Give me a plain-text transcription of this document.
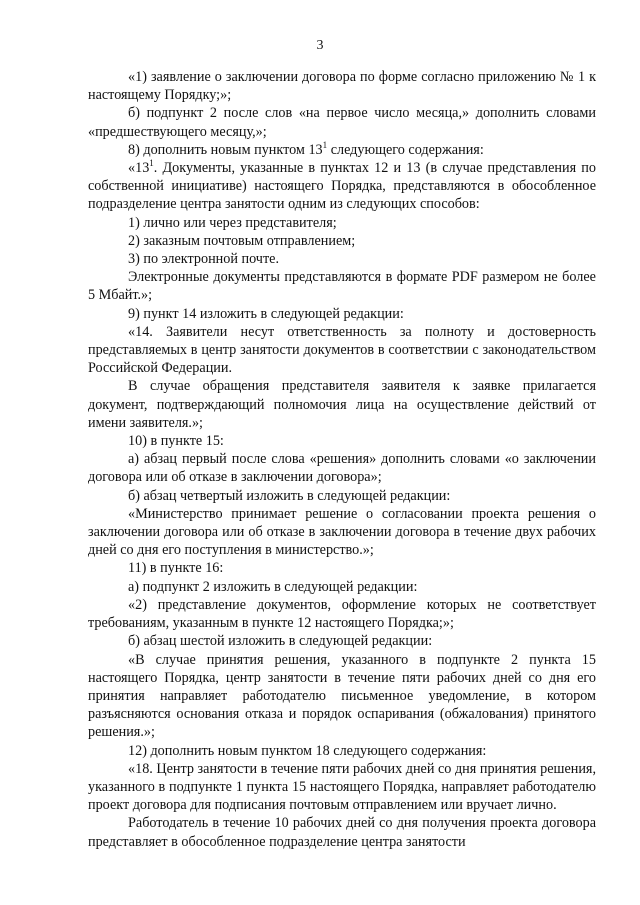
3

«1) заявление о заключении договора по форме согласно приложению № 1 к настоящему Порядку;»;

б) подпункт 2 после слов «на первое число месяца,» дополнить словами «предшествующего месяцу,»;

8) дополнить новым пунктом $13^1$ следующего содержания:

«$13^1$. Документы, указанные в пунктах 12 и 13 (в случае представления по собственной инициативе) настоящего Порядка, представляются в обособленное подразделение центра занятости одним из следующих способов:

1) лично или через представителя;

2) заказным почтовым отправлением;

3) по электронной почте.

Электронные документы представляются в формате PDF размером не более 5 Мбайт.»;

9) пункт 14 изложить в следующей редакции:

«14. Заявители несут ответственность за полноту и достоверность представляемых в центр занятости документов в соответствии с законодательством Российской Федерации.

В случае обращения представителя заявителя к заявке прилагается документ, подтверждающий полномочия лица на осуществление действий от имени заявителя.»;

10) в пункте 15:

а) абзац первый после слова «решения» дополнить словами «о заключении договора или об отказе в заключении договора»;

б) абзац четвертый изложить в следующей редакции:

«Министерство принимает решение о согласовании проекта решения о заключении договора или об отказе в заключении договора в течение двух рабочих дней со дня его поступления в министерство.»;

11) в пункте 16:

а) подпункт 2 изложить в следующей редакции:

«2) представление документов, оформление которых не соответствует требованиям, указанным в пункте 12 настоящего Порядка;»;

б) абзац шестой изложить в следующей редакции:

«В случае принятия решения, указанного в подпункте 2 пункта 15 настоящего Порядка, центр занятости в течение пяти рабочих дней со дня его принятия направляет работодателю письменное уведомление, в котором разъясняются основания отказа и порядок оспаривания (обжалования) принятого решения.»;

12) дополнить новым пунктом 18 следующего содержания:

«18. Центр занятости в течение пяти рабочих дней со дня принятия решения, указанного в подпункте 1 пункта 15 настоящего Порядка, направляет работодателю проект договора для подписания почтовым отправлением или вручает лично.

Работодатель в течение 10 рабочих дней со дня получения проекта договора представляет в обособленное подразделение центра занятости
